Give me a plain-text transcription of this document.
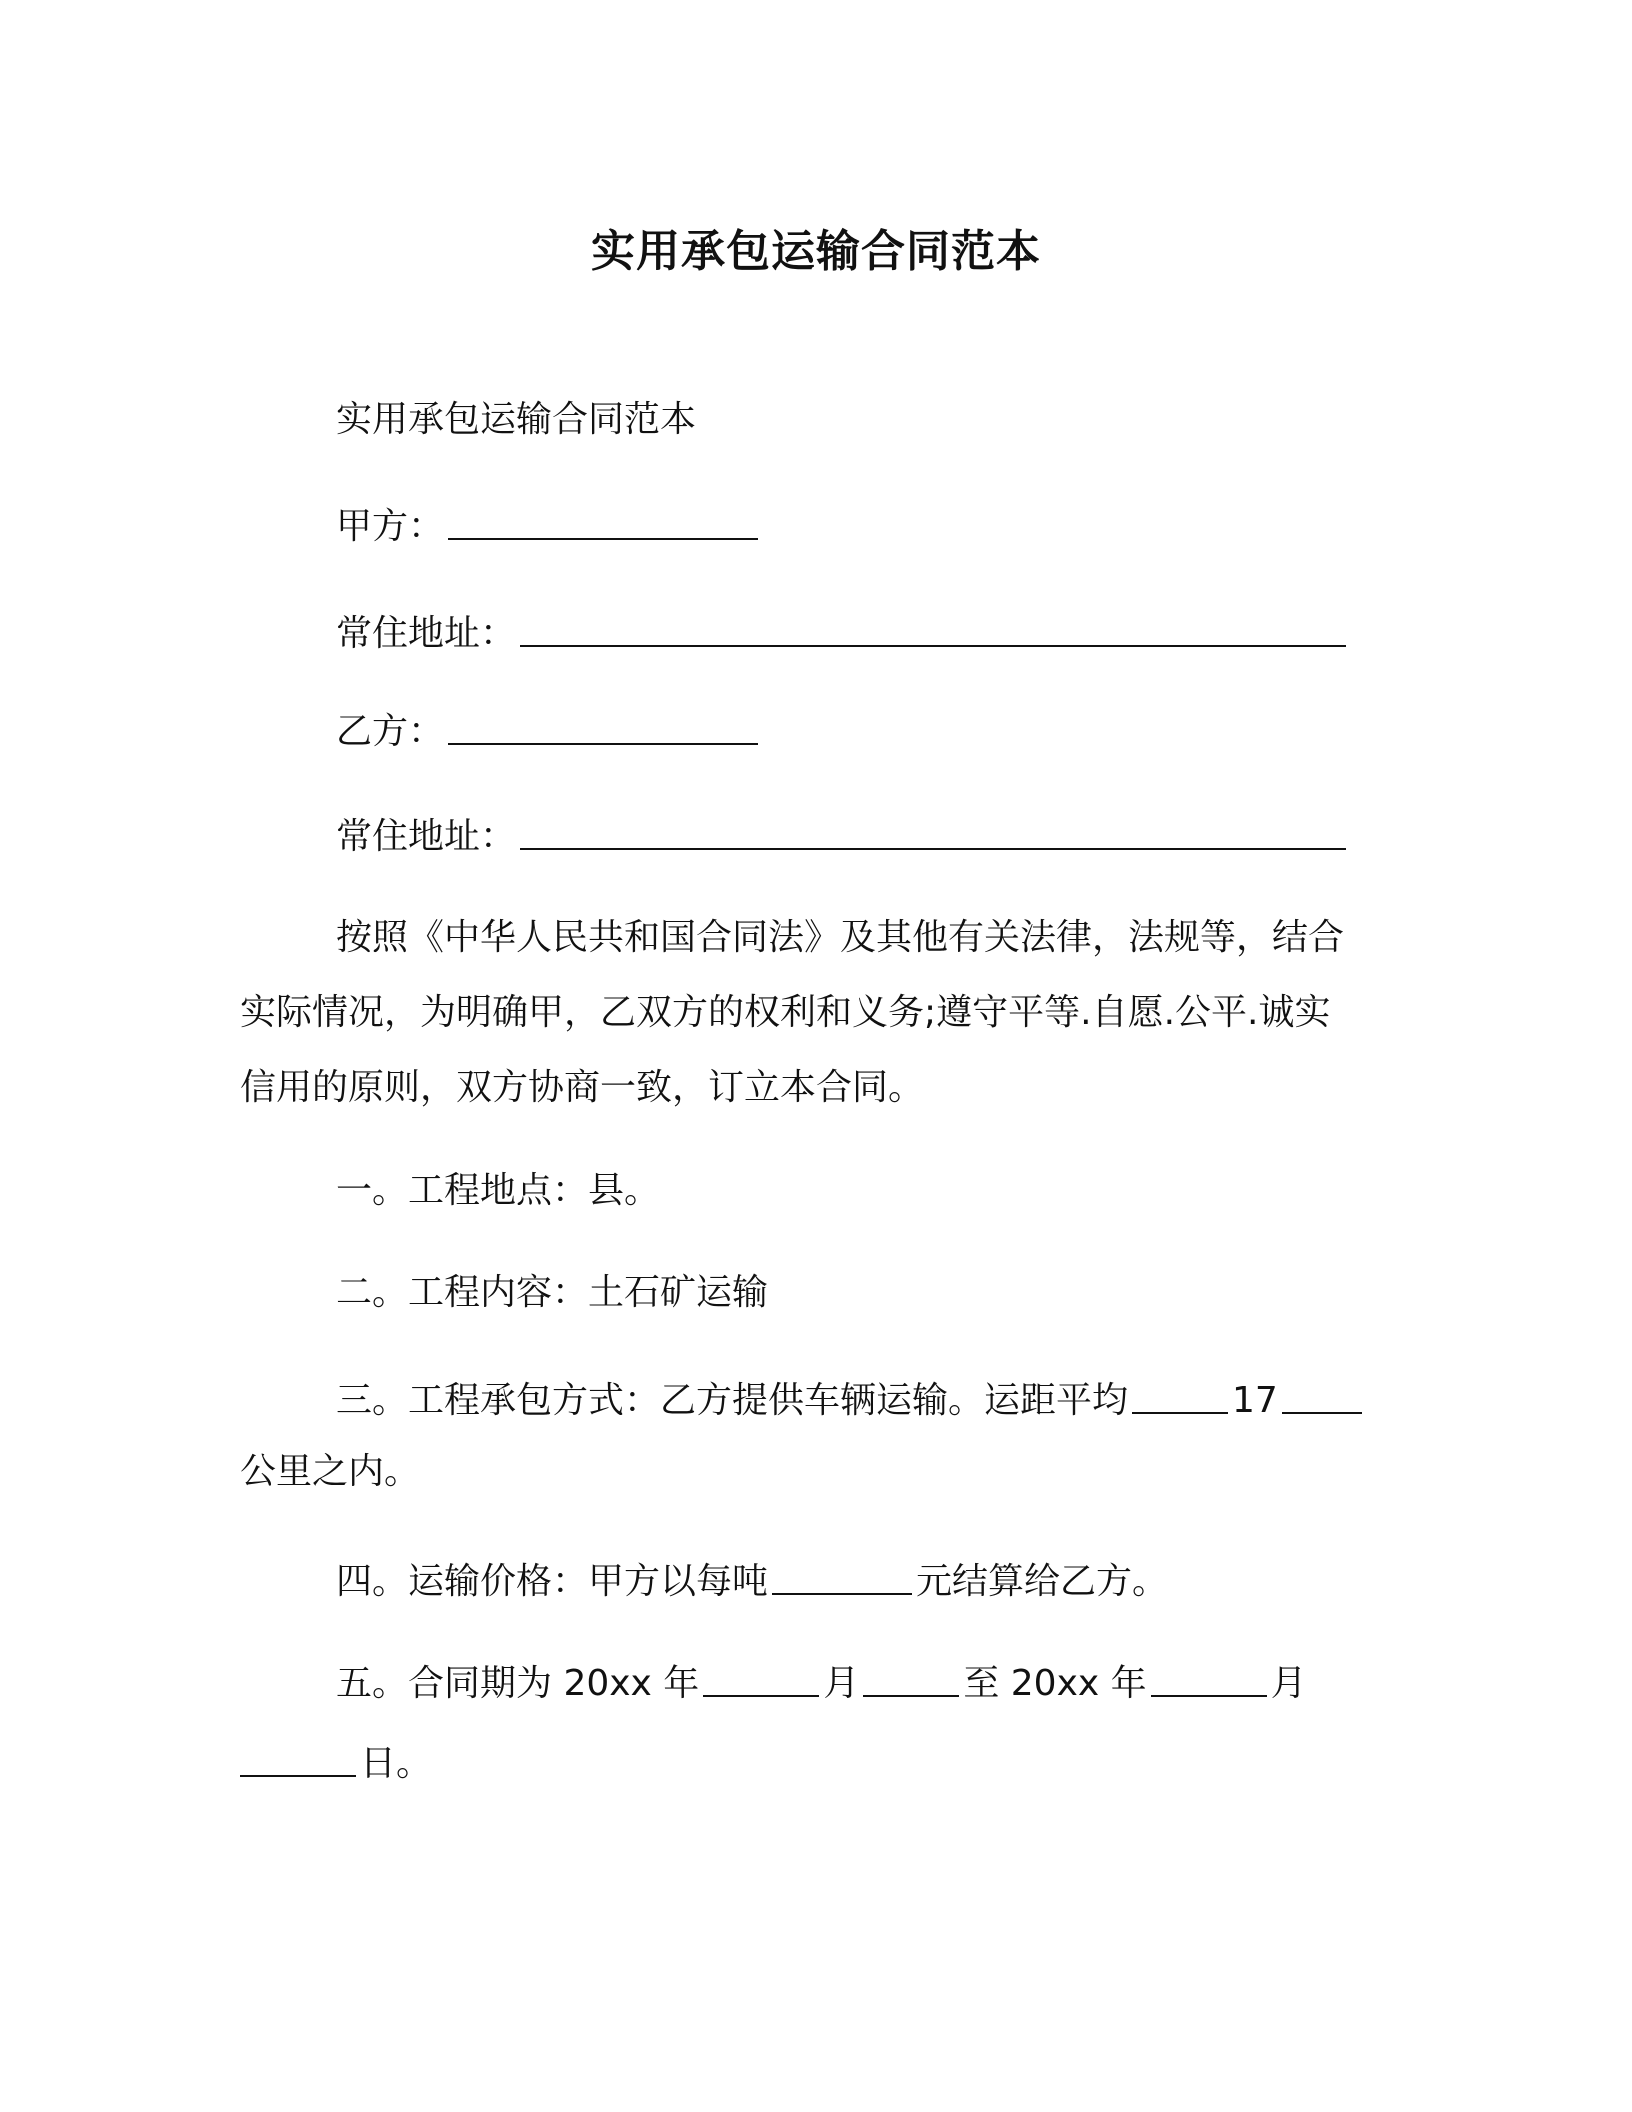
实用承包运输合同范本
实用承包运输合同范本
甲方：
常住地址：
乙方：
常住地址：
按照《中华人民共和国合同法》及其他有关法律，法规等，结合
实际情况，为明确甲，乙双方的权利和义务;遵守平等.自愿.公平.诚实
信用的原则，双方协商一致，订立本合同。
一。工程地点：县。
二。工程内容：土石矿运输
三。工程承包方式：乙方提供车辆运输。运距平均	17
公里之内。
四。运输价格：甲方以每吨	元结算给乙方。
五。合同期为 20xx 年	月	至 20xx 年	月
日。
